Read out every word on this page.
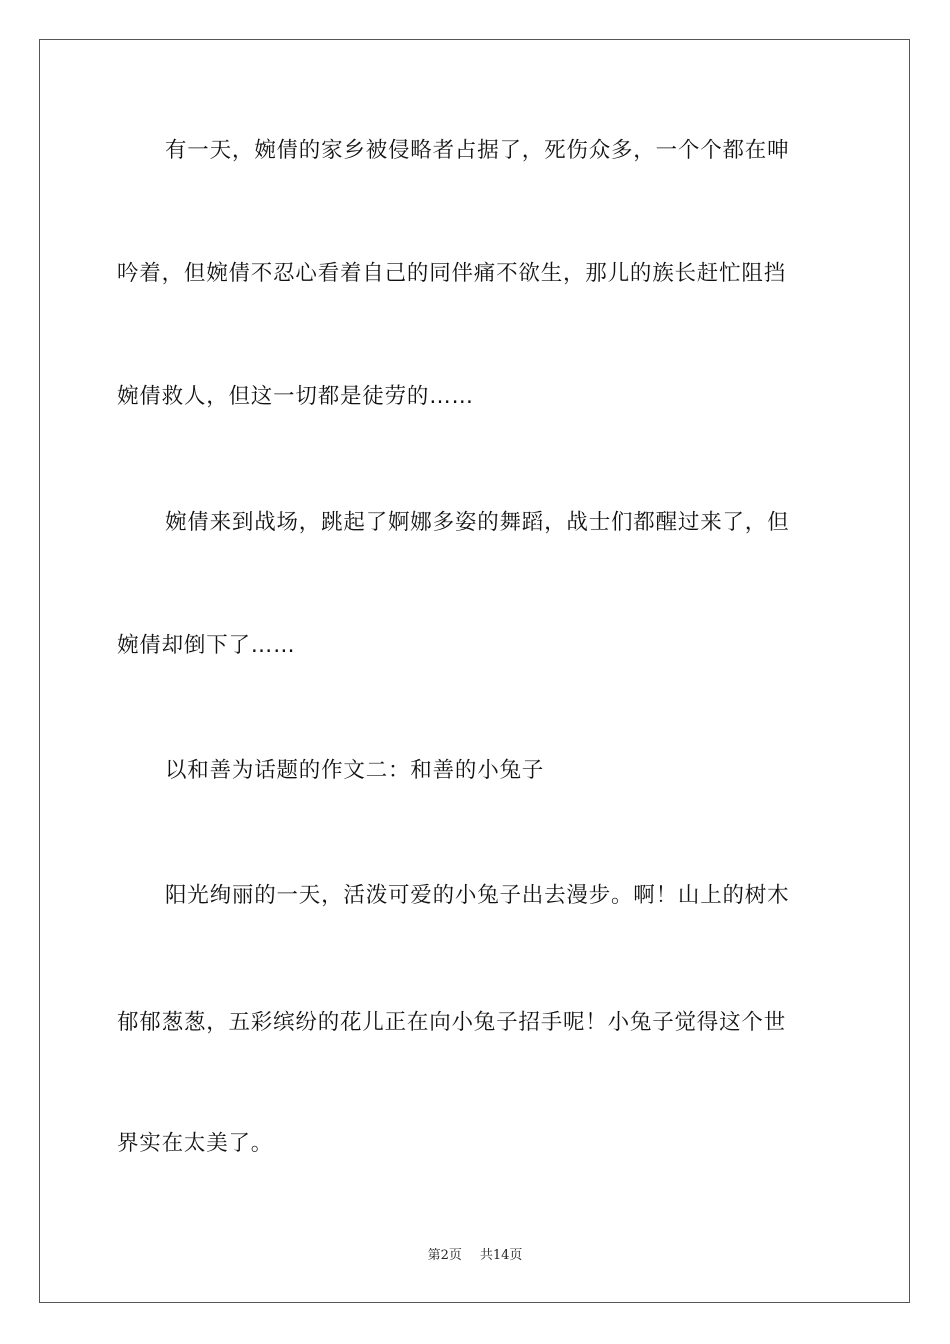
有一天，婉倩的家乡被侵略者占据了，死伤众多，一个个都在呻
吟着，但婉倩不忍心看着自己的同伴痛不欲生，那儿的族长赶忙阻挡
婉倩救人，但这一切都是徒劳的……
婉倩来到战场，跳起了婀娜多姿的舞蹈，战士们都醒过来了，但
婉倩却倒下了……
以和善为话题的作文二：和善的小兔子
阳光绚丽的一天，活泼可爱的小兔子出去漫步。啊！山上的树木
郁郁葱葱，五彩缤纷的花儿正在向小兔子招手呢！小兔子觉得这个世
界实在太美了。
第2页 共14页
